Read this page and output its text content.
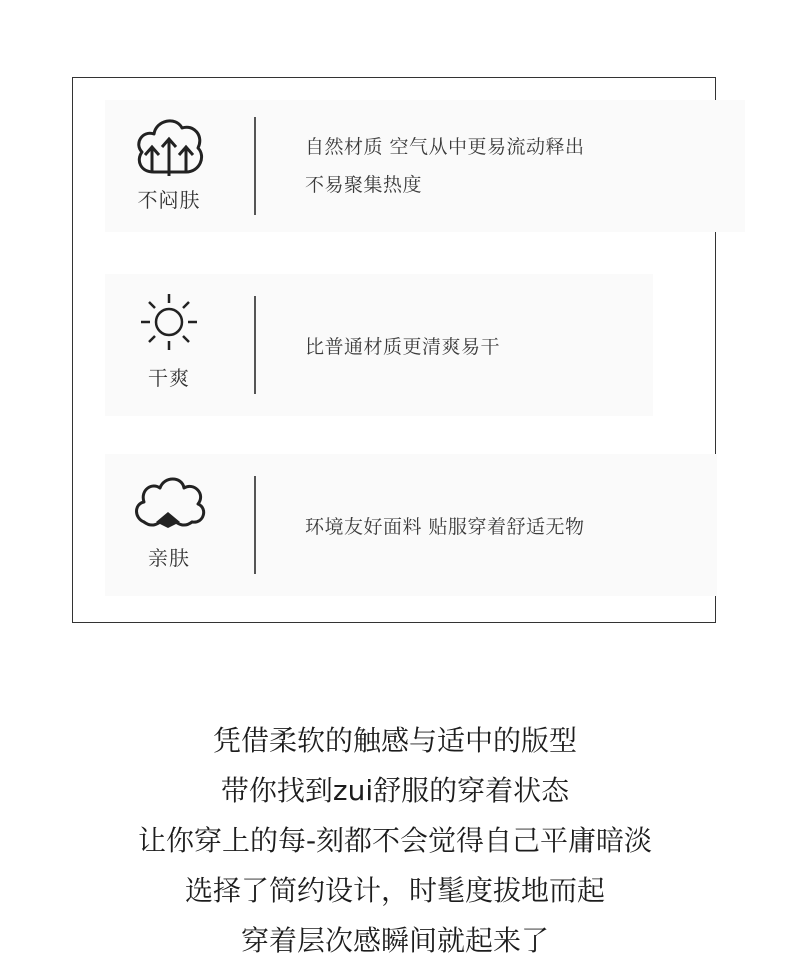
不闷肤
自然材质 空气从中更易流动释出
不易聚集热度
干爽
比普通材质更清爽易干
亲肤
环境友好面料 贴服穿着舒适无物
凭借柔软的触感与适中的版型
带你找到zui舒服的穿着状态
让你穿上的每-刻都不会觉得自己平庸暗淡
选择了简约设计，时髦度拔地而起
穿着层次感瞬间就起来了
